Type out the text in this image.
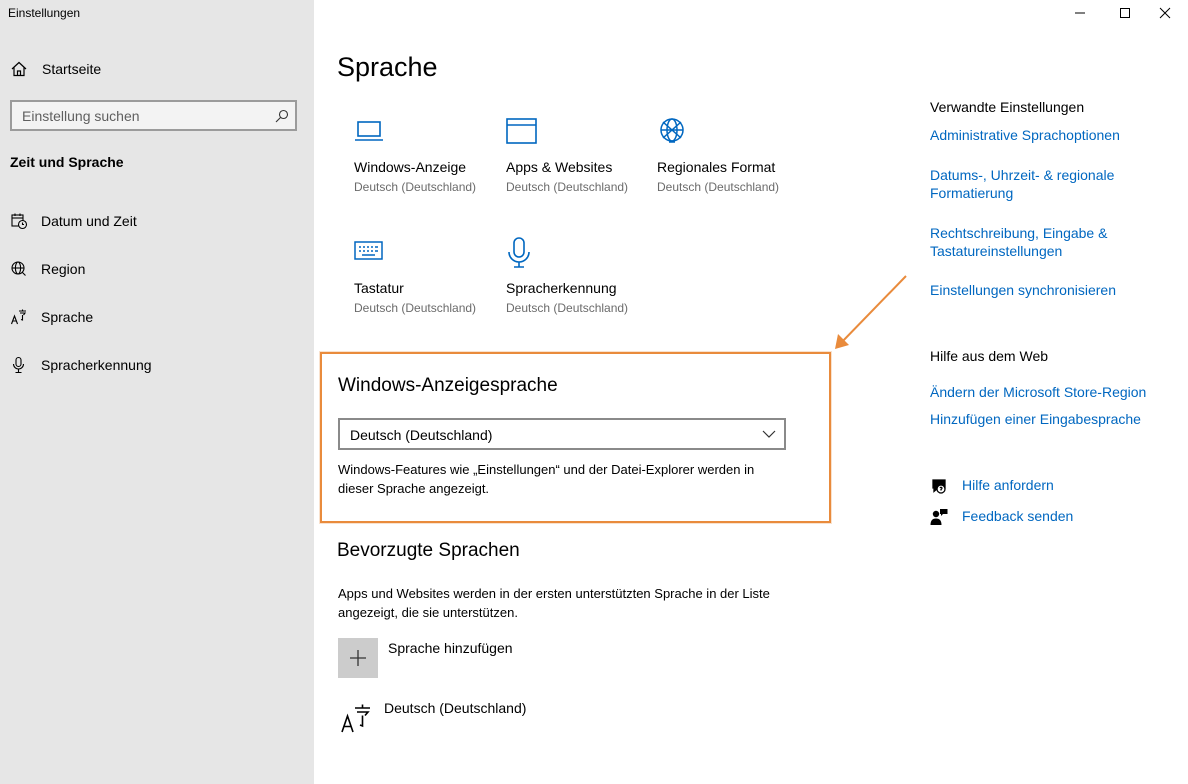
Einstellungen
Startseite
Einstellung suchen
Zeit und Sprache
Datum und Zeit
Region
Sprache
Spracherkennung
Sprache
Windows-Anzeige
Deutsch (Deutschland)
Apps & Websites
Deutsch (Deutschland)
Regionales Format
Deutsch (Deutschland)
Tastatur
Deutsch (Deutschland)
Spracherkennung
Deutsch (Deutschland)
Windows-Anzeigesprache
Deutsch (Deutschland)
Windows-Features wie „Einstellungen“ und der Datei-Explorer werden in dieser Sprache angezeigt.
Bevorzugte Sprachen
Apps und Websites werden in der ersten unterstützten Sprache in der Liste angezeigt, die sie unterstützen.
Sprache hinzufügen
Deutsch (Deutschland)
Verwandte Einstellungen
Administrative Sprachoptionen
Datums-, Uhrzeit- & regionale Formatierung
Rechtschreibung, Eingabe & Tastatureinstellungen
Einstellungen synchronisieren
Hilfe aus dem Web
Ändern der Microsoft Store-Region
Hinzufügen einer Eingabesprache
Hilfe anfordern
Feedback senden
